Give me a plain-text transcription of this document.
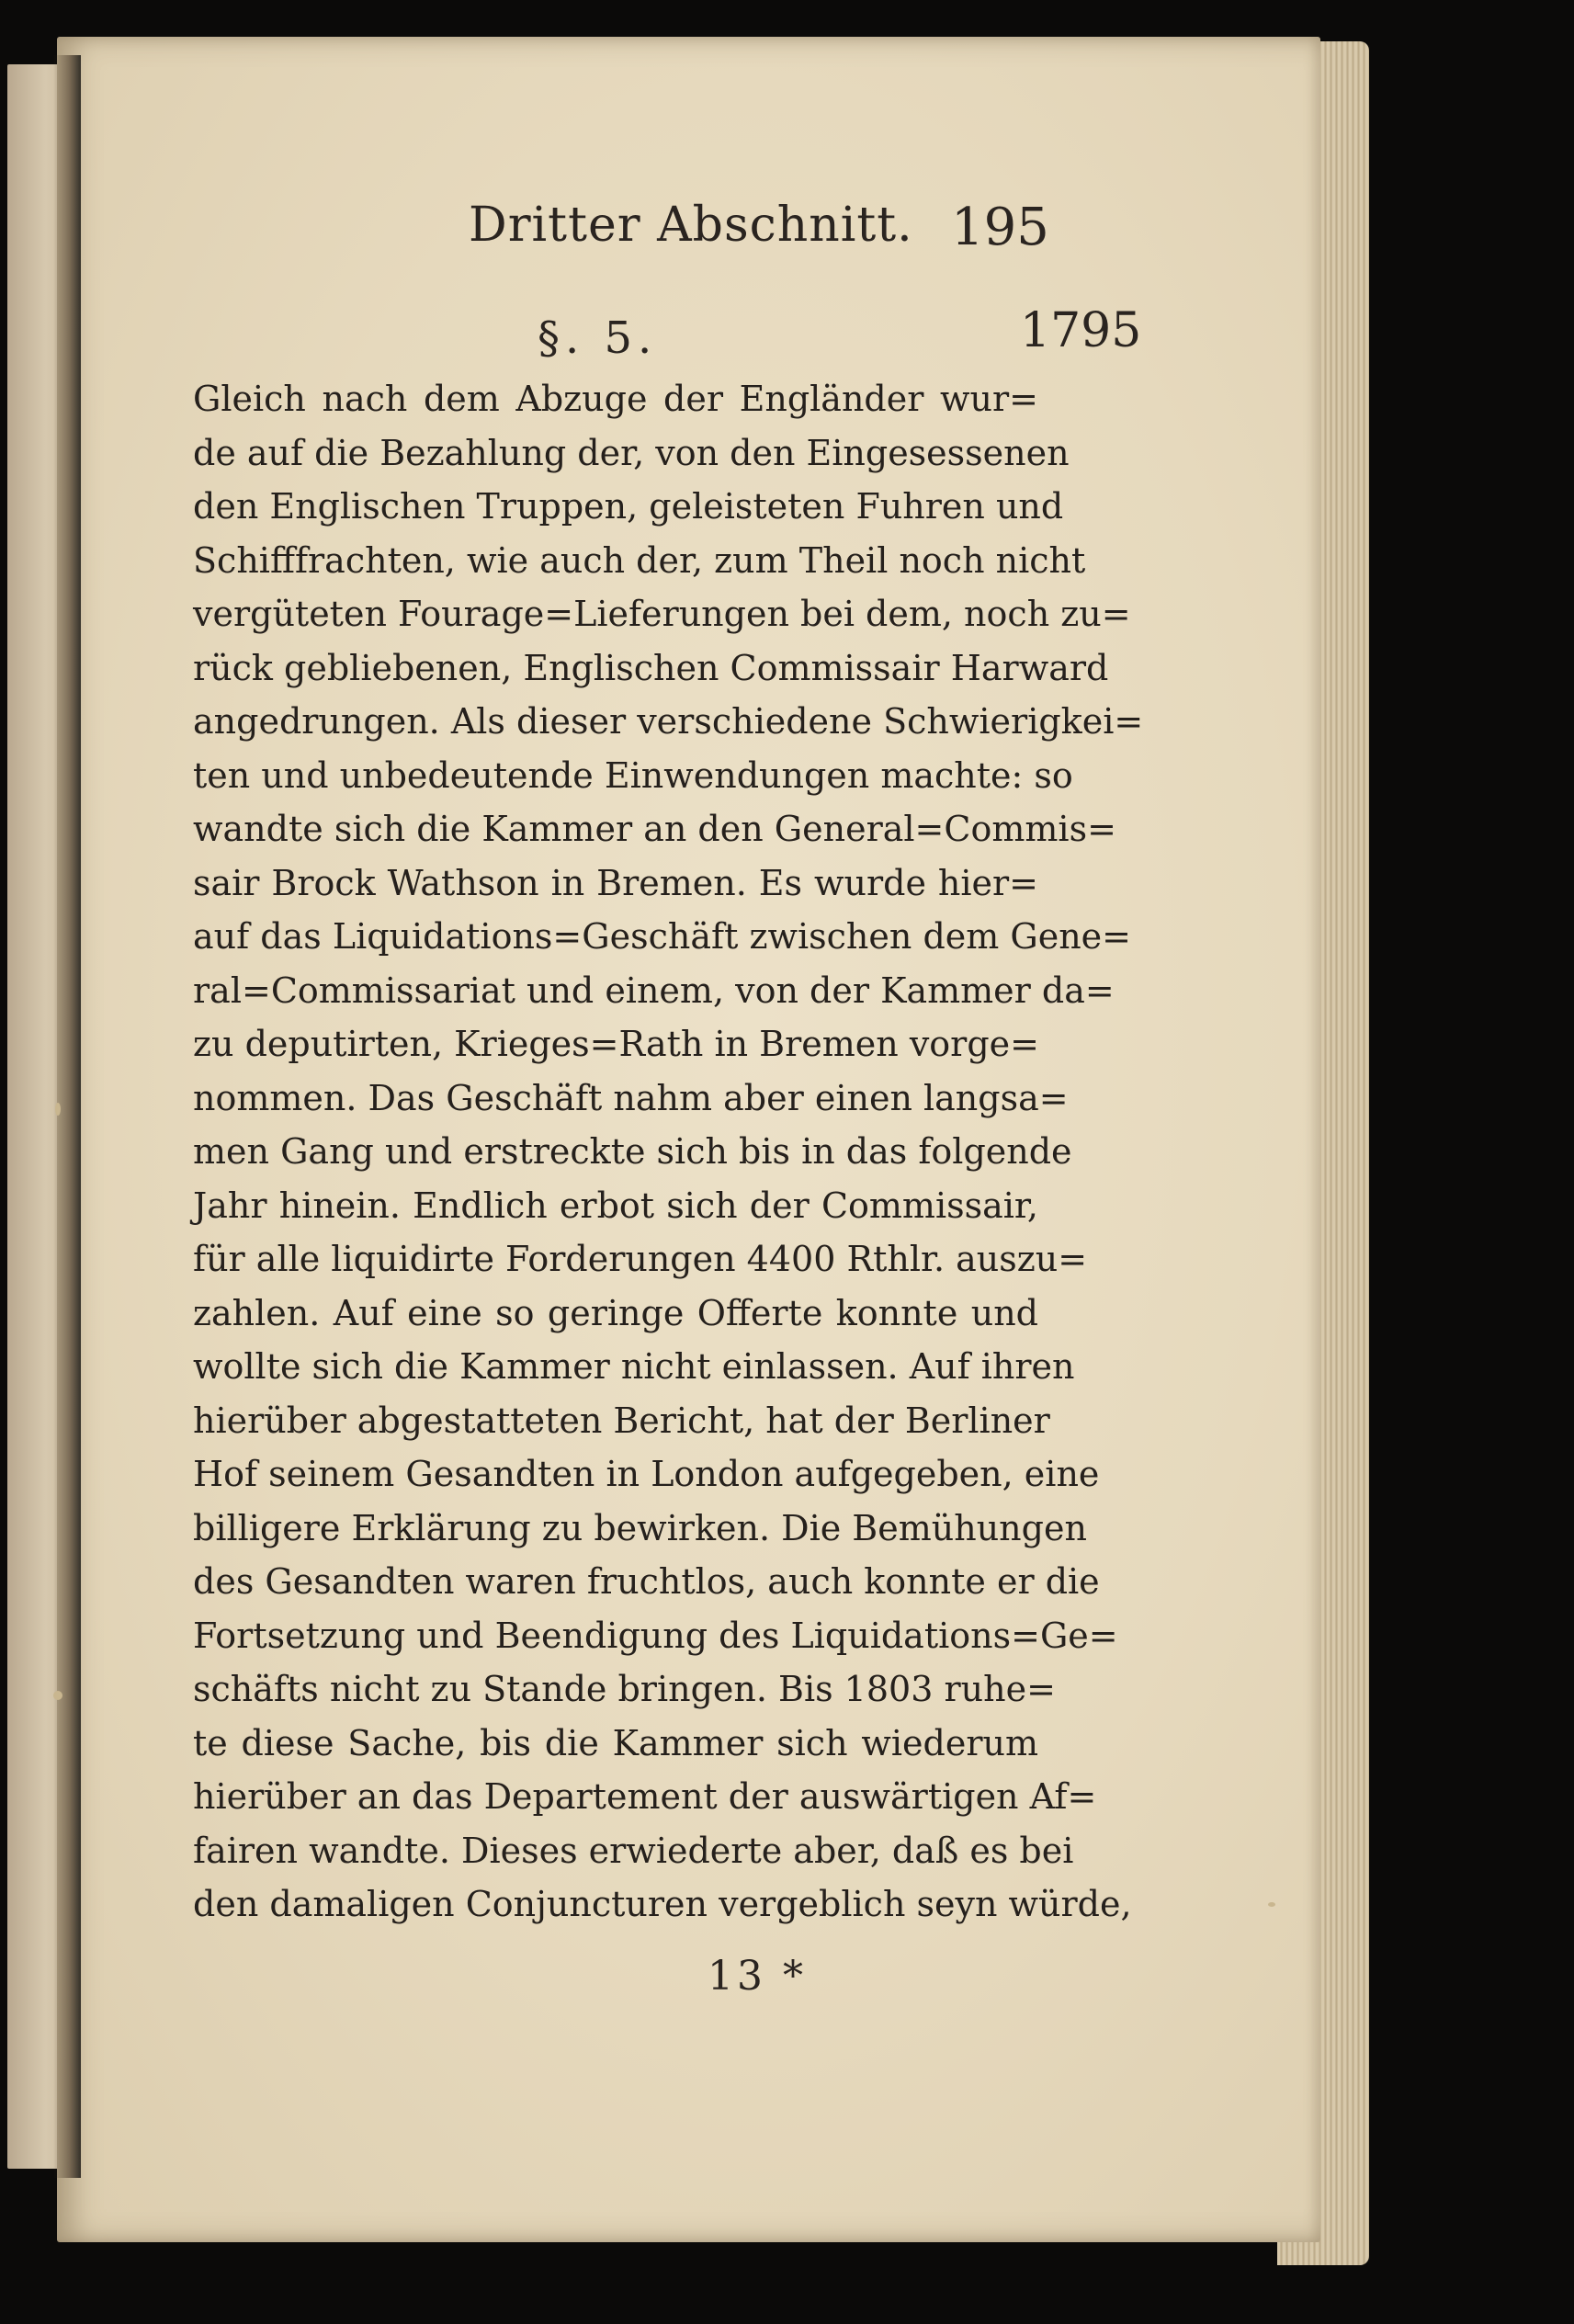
Dritter Abschnitt. 195
1795
§. 5.
Gleich nach dem Abzuge der Engländer wur=
de auf die Bezahlung der, von den Eingesessenen
den Englischen Truppen, geleisteten Fuhren und
Schifffrachten, wie auch der, zum Theil noch nicht
vergüteten Fourage=Lieferungen bei dem, noch zu=
rück gebliebenen, Englischen Commissair Harward
angedrungen. Als dieser verschiedene Schwierigkei=
ten und unbedeutende Einwendungen machte: so
wandte sich die Kammer an den General=Commis=
sair Brock Wathson in Bremen. Es wurde hier=
auf das Liquidations=Geschäft zwischen dem Gene=
ral=Commissariat und einem, von der Kammer da=
zu deputirten, Krieges=Rath in Bremen vorge=
nommen. Das Geschäft nahm aber einen langsa=
men Gang und erstreckte sich bis in das folgende
Jahr hinein. Endlich erbot sich der Commissair,
für alle liquidirte Forderungen 4400 Rthlr. auszu=
zahlen. Auf eine so geringe Offerte konnte und
wollte sich die Kammer nicht einlassen. Auf ihren
hierüber abgestatteten Bericht, hat der Berliner
Hof seinem Gesandten in London aufgegeben, eine
billigere Erklärung zu bewirken. Die Bemühungen
des Gesandten waren fruchtlos, auch konnte er die
Fortsetzung und Beendigung des Liquidations=Ge=
schäfts nicht zu Stande bringen. Bis 1803 ruhe=
te diese Sache, bis die Kammer sich wiederum
hierüber an das Departement der auswärtigen Af=
fairen wandte. Dieses erwiederte aber, daß es bei
den damaligen Conjuncturen vergeblich seyn würde,
13 *
